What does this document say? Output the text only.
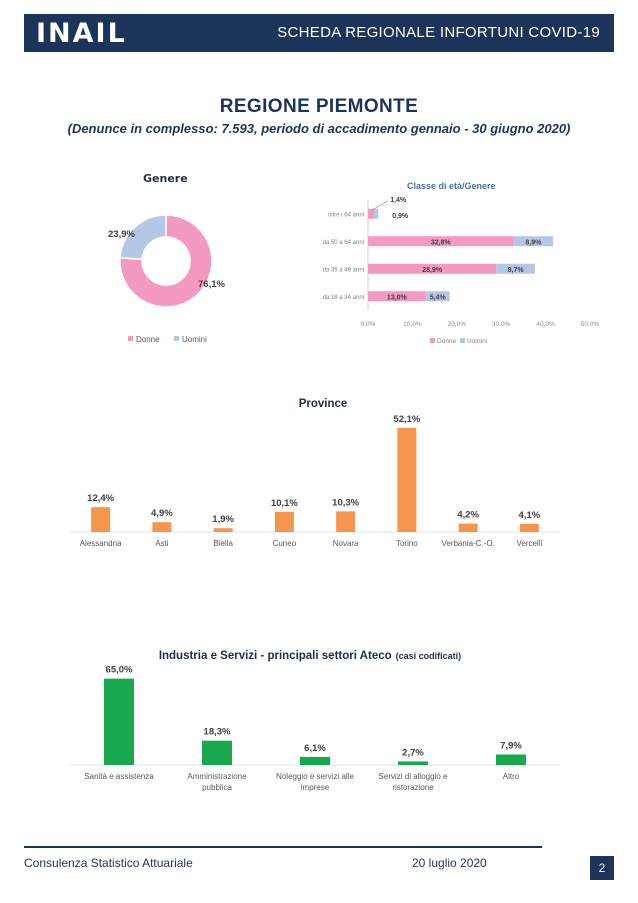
INAIL	SCHEDA REGIONALE INFORTUNI COVID-19
REGIONE PIEMONTE
(Denunce in complesso: 7.593, periodo di accadimento gennaio - 30 giugno 2020)
Genere
76,1%
23,9%
Donne	Uomini
Classe di età/Genere
0,0%	10,0%	20,0%	30,0%	40,0%	50,0%
oltre i 64 anni
1,4%
0,9%
da 50 a 64 anni	32,8%	8,9%
da 35 a 49 anni	28,9%	8,7%
da 18 a 34 anni	13,0%	5,4%
Donne Uomini
Province
12,4%
Alessandria
4,9%
Asti
1,9%
Biella
10,1%
Cuneo
10,3%
Novara
52,1%
Torino
4,2%
Verbania-C.-O.
4,1%
Vercelli
Industria e Servizi - principali settori Ateco (casi codificati)
65,0%
Sanità e assistenza
18,3%
Amministrazione
pubblica
6,1%
Noleggio e servizi alle
imprese
2,7%
Servizi di alloggio e
ristorazione
7,9%
Altro
Consulenza Statistico Attuariale	20 luglio 2020	2
